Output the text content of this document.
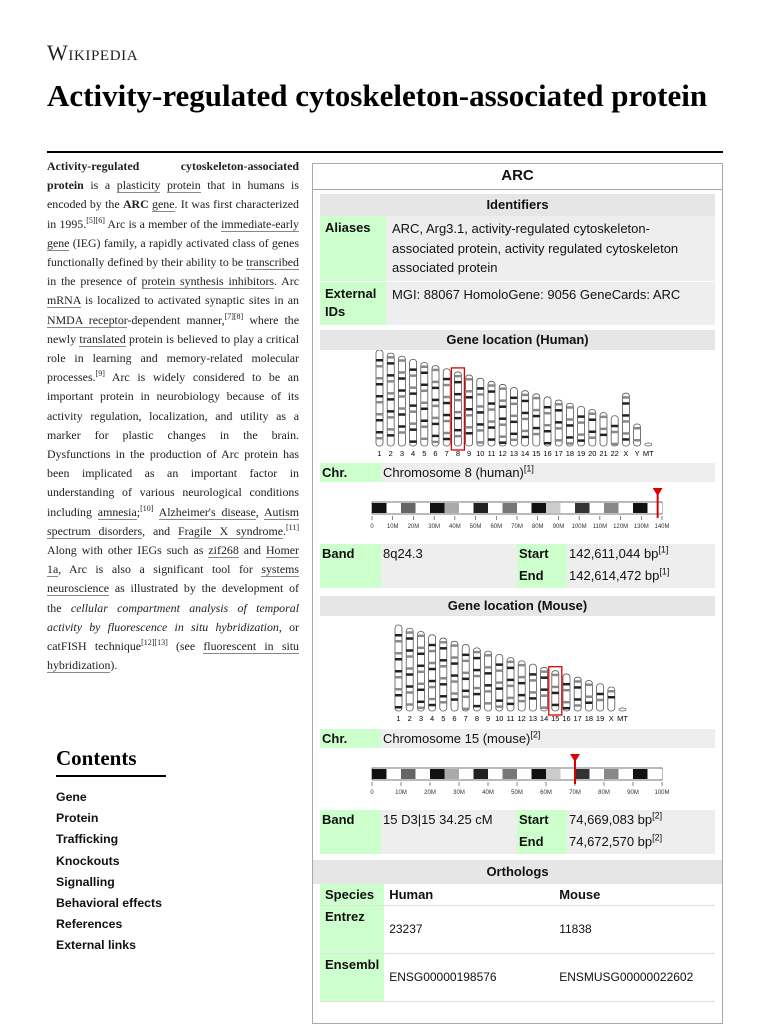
Wikipedia
Activity-regulated cytoskeleton-associated protein
Activity-regulated cytoskeleton-associated protein is a plasticity protein that in humans is encoded by the ARC gene. It was first characterized in 1995.[5][6] Arc is a member of the immediate-early gene (IEG) family, a rapidly activated class of genes functionally defined by their ability to be transcribed in the presence of protein synthesis inhibitors. Arc mRNA is localized to activated synaptic sites in an NMDA receptor-dependent manner,[7][8] where the newly translated protein is believed to play a critical role in learning and memory-related molecular processes.[9] Arc is widely considered to be an important protein in neurobiology because of its activity regulation, localization, and utility as a marker for plastic changes in the brain. Dysfunctions in the production of Arc protein has been implicated as an important factor in understanding of various neurological conditions including amnesia;[10] Alzheimer's disease, Autism spectrum disorders, and Fragile X syndrome.[11] Along with other IEGs such as zif268 and Homer 1a, Arc is also a significant tool for systems neuroscience as illustrated by the development of the cellular compartment analysis of temporal activity by fluorescence in situ hybridization, or catFISH technique[12][13] (see fluorescent in situ hybridization).
Contents
Gene
Protein
Trafficking
Knockouts
Signalling
Behavioral effects
References
External links
ARC
Identifiers
Aliases	ARC, Arg3.1, activity-regulated cytoskeleton-associated protein, activity regulated cytoskeleton associated protein
External IDs
MGI: 88067 HomoloGene: 9056 GeneCards: ARC
Gene location (Human)
1 2 3 4 5 6 7 8 9 10 11 12 13 14 15 16 17 18 19 20 21 22 X Y MT
Chr.	Chromosome 8 (human)[1]
0 10M 20M 30M 40M 50M 60M 70M 80M 90M 100M 110M 120M 130M 140M
Band	8q24.3	Start	142,611,044 bp[1]
End	142,614,472 bp[1]
Gene location (Mouse)
1 2 3 4 5 6 7 8 9 10 11 12 13 14 15 16 17 18 19 X MT
Chr.	Chromosome 15 (mouse)[2]
0	10M	20M	30M	40M	50M	60M	70M	80M	90M	100M
Band	15 D3|15 34.25 cM	Start	74,669,083 bp[2]
End	74,672,570 bp[2]
Orthologs
Species	Human	Mouse
Entrez	23237	11838
Ensembl	ENSG00000198576	ENSMUSG00000022602
